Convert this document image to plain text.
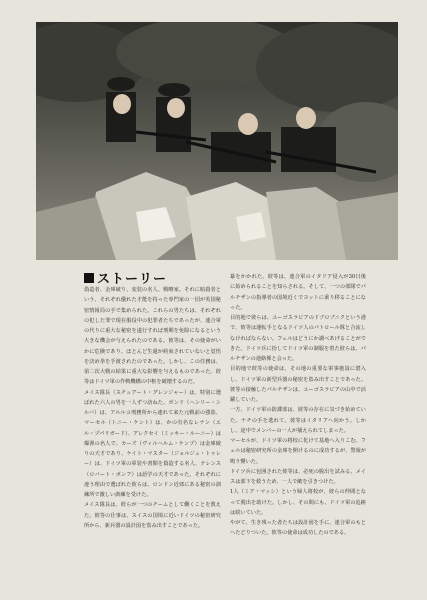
ストーリー

偽造者、金庫破り、変装の名人、戦略家。それに暗殺者という、それぞれ優れた才能を持った専門家の一団が英国秘密情報局の手で集められた。これらの男たちは、それぞれの犯した罪で現在服役中の犯罪者たちであったが、連合軍の代りに重大な秘密を遂行すれば刑期を免除になるという大きな機会が与えられたのである。彼等は、その使命がいかに危険であり、ほとんど生還が約束されていないと覚悟を決め拳を手渡されたのであった。しかし、この任務は、第二次大戦の結果に重大な影響を与えるものであった。彼等はドイツ軍の作戦機構の中枢を破壊するのだ。

メイス隊長（スチュアート・グレンジャー）は、特別に選ばれた六人の男を一人ずつ訪ねた。ボンド（ヘンリー・シルバ）は、アルルコ刑務所から連れて来た元戦前の強盗、マーセル（トニー・ケント）は、かの有名なレナン（エル・プパリガード）、アレクセイ（ミッキー・ルーニー）は爆弾の名人で、カーズ（ヴィルヘルム・ケンプ）は金庫破りの天才であり、ケイト・マスター（ジョルジュ・トゥレー）は、ドイツ軍の軍装や書類を偽造する名人、テレンス（ロバート・ボンフ）は語学の天才であった。それぞれに違う理由で選ばれた彼らは、ロンドン近郊にある秘密の訓練所で激しい訓練を受けた。

メイス隊長は、彼らが一つのチームとして働くことを教えた。彼等の仕事は、スイスの国境に近いドイツの秘密研究所から、新兵器の設計図を盗み出すことであった。

暴をかかれた。彼等は、連合軍のイタリア侵入が30日後に始められることを知らされる。そして、一つの部隊でパルチザンの指導者の国境近くでヨットに乗り移ることになった。

目的地で彼らは、ユーゴスラビアのドブロブニクという港で、彼等は運転手となるドイツ人のパトロール隊と合流しなければならない。フェルはどうにか調べあげることができた。ドイツ兵に扮してドイツ軍の制服を着た彼らは、パルチザンの連絡係と会った。

目的地で彼等の使命は、その地の重要な軍事施設に潜入し、ドイツ軍の新型兵器の秘密を盗み出すことであった。彼等の接触したパルチザンは、ユーゴスラビアの山中で活躍していた。

一方、ドイツ軍の防諜部は、彼等の存在に気づき始めていた。ナチの手を逃れて、彼等はイタリアへ向かう。しかし、途中でメンバーの一人が捕えられてしまった。

マーセルが、ドイツ軍の将校に化けて基地へ入りこむ。フェルは秘密研究所の金庫を開けるのに成功するが、警報が鳴り響いた。

ドイツ兵に包囲された彼等は、必死の脱出を試みる。メイスは部下を救うため、一人で敵を引きつけた。

1人（ミア・マッシ）という婦人将校が、彼らの仲間となって脱出を助けた。しかし、その間にも、ドイツ軍の追跡は続いていた。

やがて、生き残った者たちは設計図を手に、連合軍のもとへたどりついた。彼等の使命は成功したのである。
